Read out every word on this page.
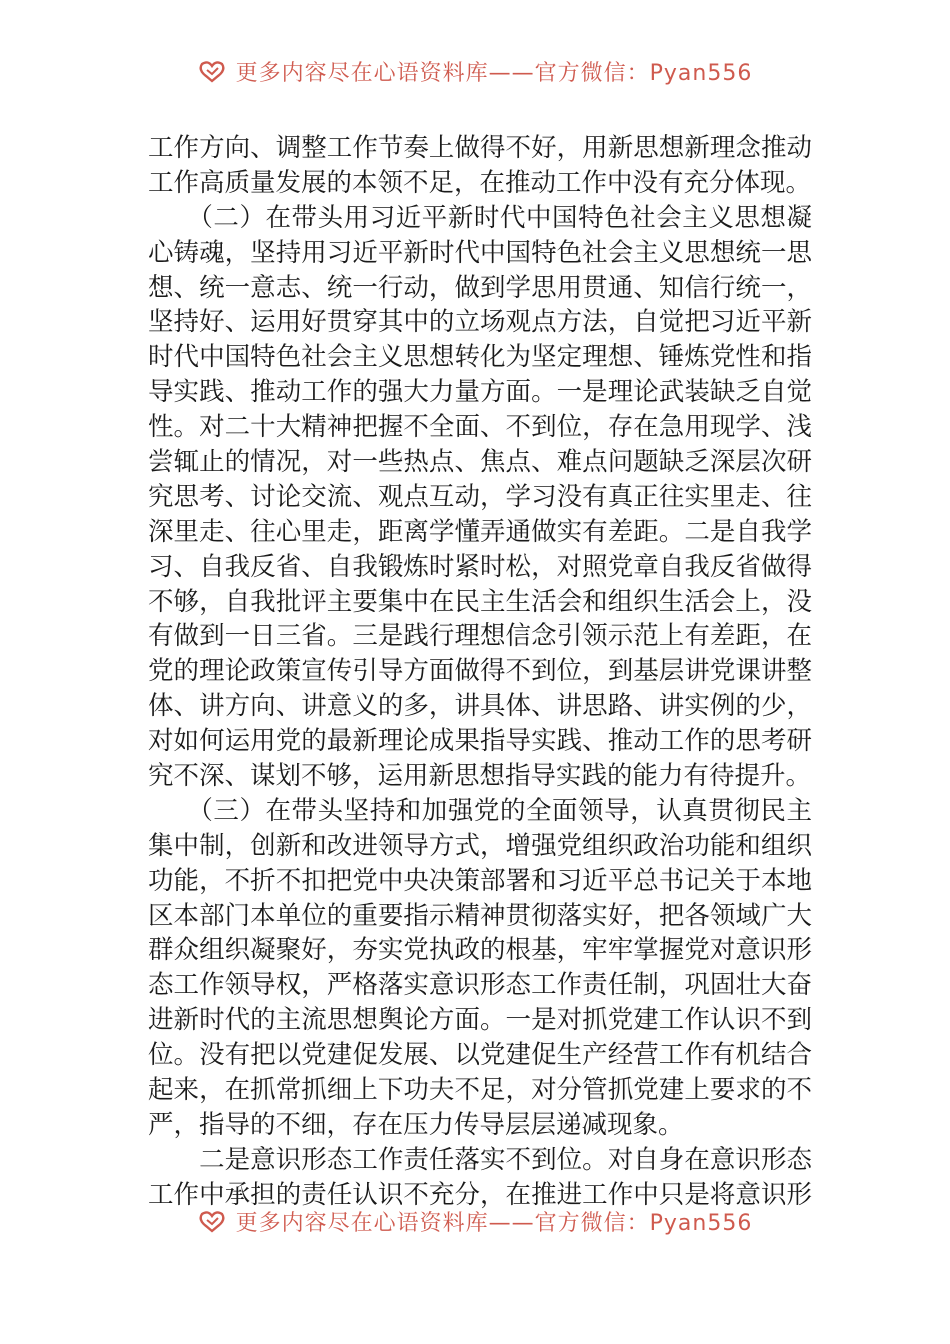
更多内容尽在心语资料库——官方微信：Pyan556
工作方向、调整工作节奏上做得不好，用新思想新理念推动
工作高质量发展的本领不足，在推动工作中没有充分体现。
　　（二）在带头用习近平新时代中国特色社会主义思想凝
心铸魂，坚持用习近平新时代中国特色社会主义思想统一思
想、统一意志、统一行动，做到学思用贯通、知信行统一，
坚持好、运用好贯穿其中的立场观点方法，自觉把习近平新
时代中国特色社会主义思想转化为坚定理想、锤炼党性和指
导实践、推动工作的强大力量方面。一是理论武装缺乏自觉
性。对二十大精神把握不全面、不到位，存在急用现学、浅
尝辄止的情况，对一些热点、焦点、难点问题缺乏深层次研
究思考、讨论交流、观点互动，学习没有真正往实里走、往
深里走、往心里走，距离学懂弄通做实有差距。二是自我学
习、自我反省、自我锻炼时紧时松，对照党章自我反省做得
不够，自我批评主要集中在民主生活会和组织生活会上，没
有做到一日三省。三是践行理想信念引领示范上有差距，在
党的理论政策宣传引导方面做得不到位，到基层讲党课讲整
体、讲方向、讲意义的多，讲具体、讲思路、讲实例的少，
对如何运用党的最新理论成果指导实践、推动工作的思考研
究不深、谋划不够，运用新思想指导实践的能力有待提升。
　　（三）在带头坚持和加强党的全面领导，认真贯彻民主
集中制，创新和改进领导方式，增强党组织政治功能和组织
功能，不折不扣把党中央决策部署和习近平总书记关于本地
区本部门本单位的重要指示精神贯彻落实好，把各领域广大
群众组织凝聚好，夯实党执政的根基，牢牢掌握党对意识形
态工作领导权，严格落实意识形态工作责任制，巩固壮大奋
进新时代的主流思想舆论方面。一是对抓党建工作认识不到
位。没有把以党建促发展、以党建促生产经营工作有机结合
起来，在抓常抓细上下功夫不足，对分管抓党建上要求的不
严，指导的不细，存在压力传导层层递减现象。
　　二是意识形态工作责任落实不到位。对自身在意识形态
工作中承担的责任认识不充分，在推进工作中只是将意识形
更多内容尽在心语资料库——官方微信：Pyan556
